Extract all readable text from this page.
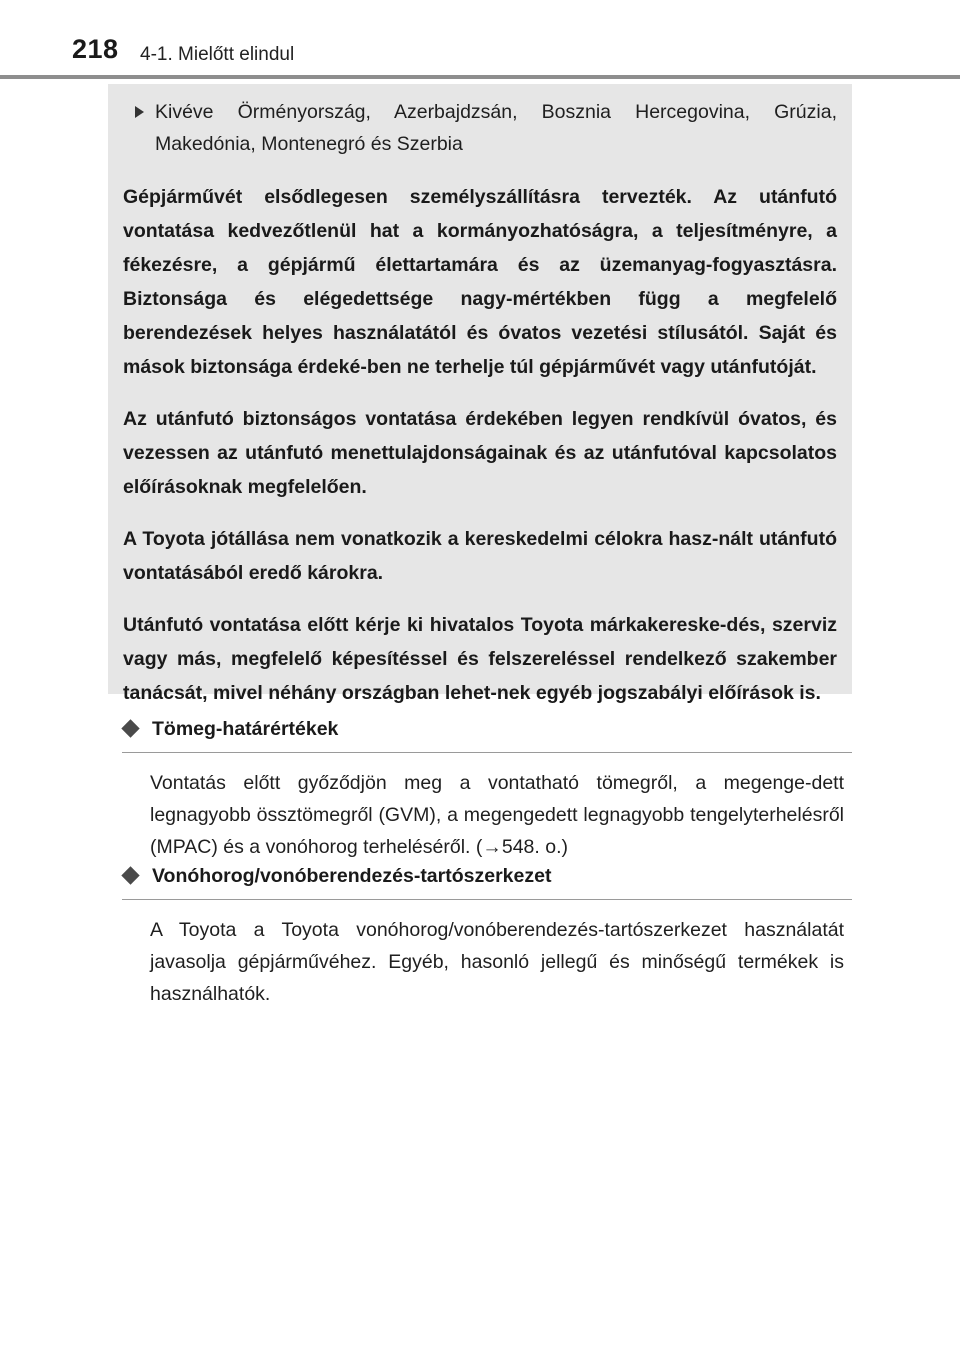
218 4-1. Mielőtt elindul
Kivéve Örményország, Azerbajdzsán, Bosznia Hercegovina, Grúzia, Makedónia, Montenegró és Szerbia

Gépjárművét elsődlegesen személyszállításra tervezték. Az utánfutó vontatása kedvezőtlenül hat a kormányozhatóságra, a teljesítményre, a fékezésre, a gépjármű élettartamára és az üzemanyag-fogyasztásra. Biztonsága és elégedettsége nagy-mértékben függ a megfelelő berendezések helyes használatától és óvatos vezetési stílusától. Saját és mások biztonsága érdeké-ben ne terhelje túl gépjárművét vagy utánfutóját.

Az utánfutó biztonságos vontatása érdekében legyen rendkívül óvatos, és vezessen az utánfutó menettulajdonságainak és az utánfutóval kapcsolatos előírásoknak megfelelően.

A Toyota jótállása nem vonatkozik a kereskedelmi célokra hasz-nált utánfutó vontatásából eredő károkra.

Utánfutó vontatása előtt kérje ki hivatalos Toyota márkakereske-dés, szerviz vagy más, megfelelő képesítéssel és felszereléssel rendelkező szakember tanácsát, mivel néhány országban lehet-nek egyéb jogszabályi előírások is.

Tömeg-határértékek

Vontatás előtt győződjön meg a vontatható tömegről, a megenge-dett legnagyobb össztömegről (GVM), a megengedett legnagyobb tengelyterhelésről (MPAC) és a vonóhorog terheléséről. (→548. o.)

Vonóhorog/vonóberendezés-tartószerkezet

A Toyota a Toyota vonóhorog/vonóberendezés-tartószerkezet használatát javasolja gépjárművéhez. Egyéb, hasonló jellegű és minőségű termékek is használhatók.
